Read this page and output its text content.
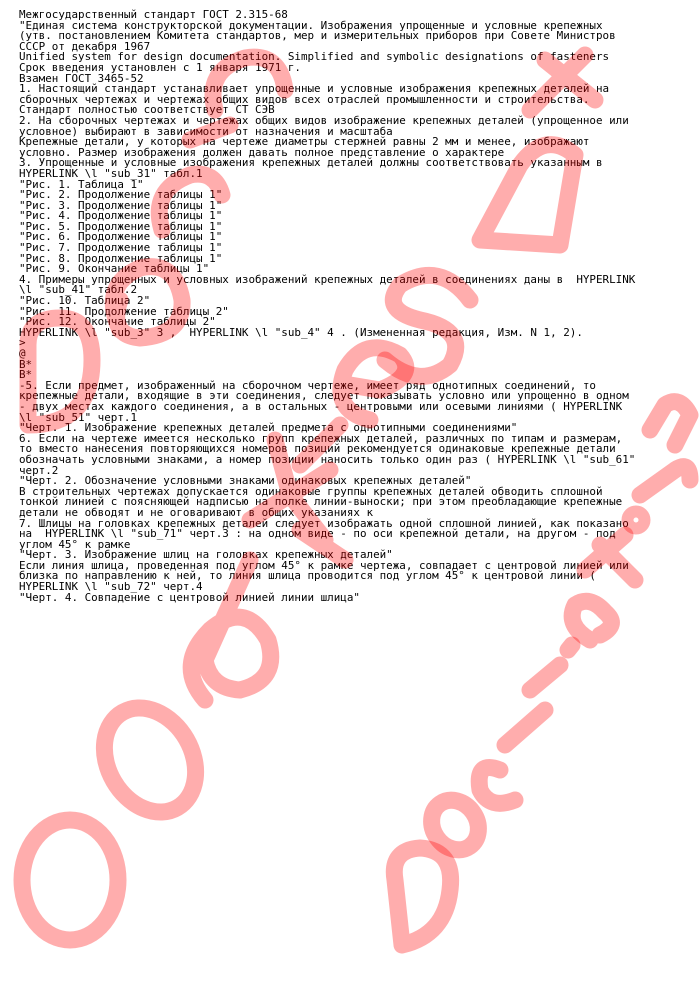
Межгосударственный стандарт ГОСТ 2.315-68
"Единая система конструкторской документации. Изображения упрощенные и условные крепежных
(утв. постановлением Комитета стандартов, мер и измерительных приборов при Совете Министров
СССР от декабря 1967
Unified system for design documentation. Simplified and symbolic designations of fasteners
Срок введения установлен с 1 января 1971 г.
Взамен ГОСТ 3465-52
1. Настоящий стандарт устанавливает упрощенные и условные изображения крепежных деталей на
сборочных чертежах и чертежах общих видов всех отраслей промышленности и строительства.
Стандарт полностью соответствует СТ СЭВ
2. На сборочных чертежах и чертежах общих видов изображение крепежных деталей (упрощенное или
условное) выбирают в зависимости от назначения и масштаба
Крепежные детали, у которых на чертеже диаметры стержней равны 2 мм и менее, изображают
условно. Размер изображения должен давать полное представление о характере
3. Упрощенные и условные изображения крепежных деталей должны соответствовать указанным в
HYPERLINK \l "sub_31" табл.1
"Рис. 1. Таблица 1"
"Рис. 2. Продолжение таблицы 1"
"Рис. 3. Продолжение таблицы 1"
"Рис. 4. Продолжение таблицы 1"
"Рис. 5. Продолжение таблицы 1"
"Рис. 6. Продолжение таблицы 1"
"Рис. 7. Продолжение таблицы 1"
"Рис. 8. Продолжение таблицы 1"
"Рис. 9. Окончание таблицы 1"
4. Примеры упрощенных и условных изображений крепежных деталей в соединениях даны в  HYPERLINK
\l "sub_41" табл.2
"Рис. 10. Таблица 2"
"Рис. 11. Продолжение таблицы 2"
"Рис. 12. Окончание таблицы 2"
HYPERLINK \l "sub_3" 3 ,  HYPERLINK \l "sub_4" 4 . (Измененная редакция, Изм. N 1, 2).
>
@
B*
B*
-5. Если предмет, изображенный на сборочном чертеже, имеет ряд однотипных соединений, то
крепежные детали, входящие в эти соединения, следует показывать условно или упрощенно в одном
- двух местах каждого соединения, а в остальных - центровыми или осевыми линиями ( HYPERLINK
\l "sub_51" черт.1
"Черт. 1. Изображение крепежных деталей предмета с однотипными соединениями"
6. Если на чертеже имеется несколько групп крепежных деталей, различных по типам и размерам,
то вместо нанесения повторяющихся номеров позиций рекомендуется одинаковые крепежные детали
обозначать условными знаками, а номер позиции наносить только один раз ( HYPERLINK \l "sub_61"
черт.2
"Черт. 2. Обозначение условными знаками одинаковых крепежных деталей"
В строительных чертежах допускается одинаковые группы крепежных деталей обводить сплошной
тонкой линией с поясняющей надписью на полке линии-выноски; при этом преобладающие крепежные
детали не обводят и не оговаривают в общих указаниях к
7. Шлицы на головках крепежных деталей следует изображать одной сплошной линией, как показано
на  HYPERLINK \l "sub_71" черт.3 : на одном виде - по оси крепежной детали, на другом - под
углом 45° к рамке
"Черт. 3. Изображение шлиц на головках крепежных деталей"
Если линия шлица, проведенная под углом 45° к рамке чертежа, совпадает с центровой линией или
близка по направлению к ней, то линия шлица проводится под углом 45° к центровой линии (
HYPERLINK \l "sub_72" черт.4
"Черт. 4. Совпадение с центровой линией линии шлица"
